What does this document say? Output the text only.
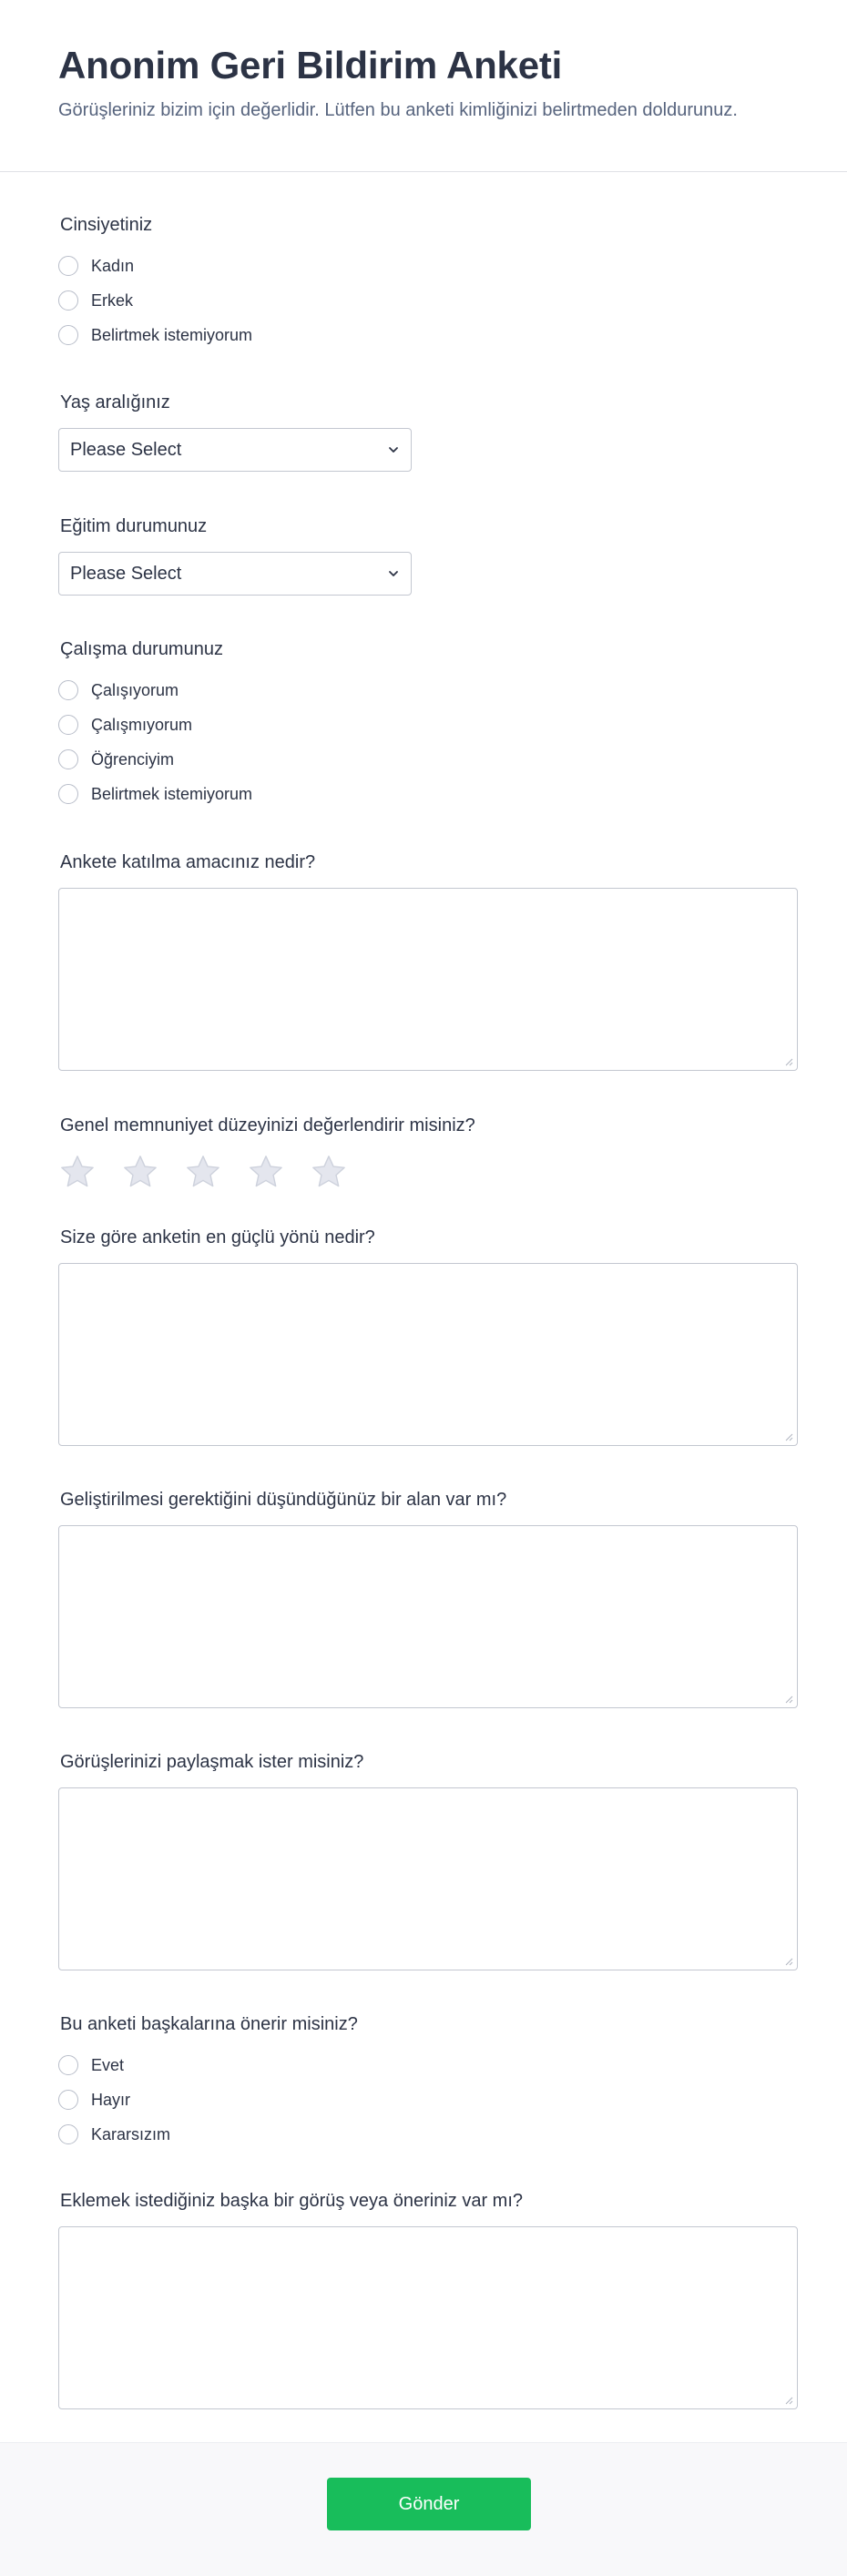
Anonim Geri Bildirim Anketi

Görüşleriniz bizim için değerlidir. Lütfen bu anketi kimliğinizi belirtmeden doldurunuz.

Cinsiyetiniz

Kadın
Erkek
Belirtmek istemiyorum

Yaş aralığınız

Please Select

Eğitim durumunuz

Please Select

Çalışma durumunuz

Çalışıyorum
Çalışmıyorum
Öğrenciyim
Belirtmek istemiyorum

Ankete katılma amacınız nedir?

Genel memnuniyet düzeyinizi değerlendirir misiniz?

Size göre anketin en güçlü yönü nedir?

Geliştirilmesi gerektiğini düşündüğünüz bir alan var mı?

Görüşlerinizi paylaşmak ister misiniz?

Bu anketi başkalarına önerir misiniz?

Evet
Hayır
Kararsızım

Eklemek istediğiniz başka bir görüş veya öneriniz var mı?

Gönder
